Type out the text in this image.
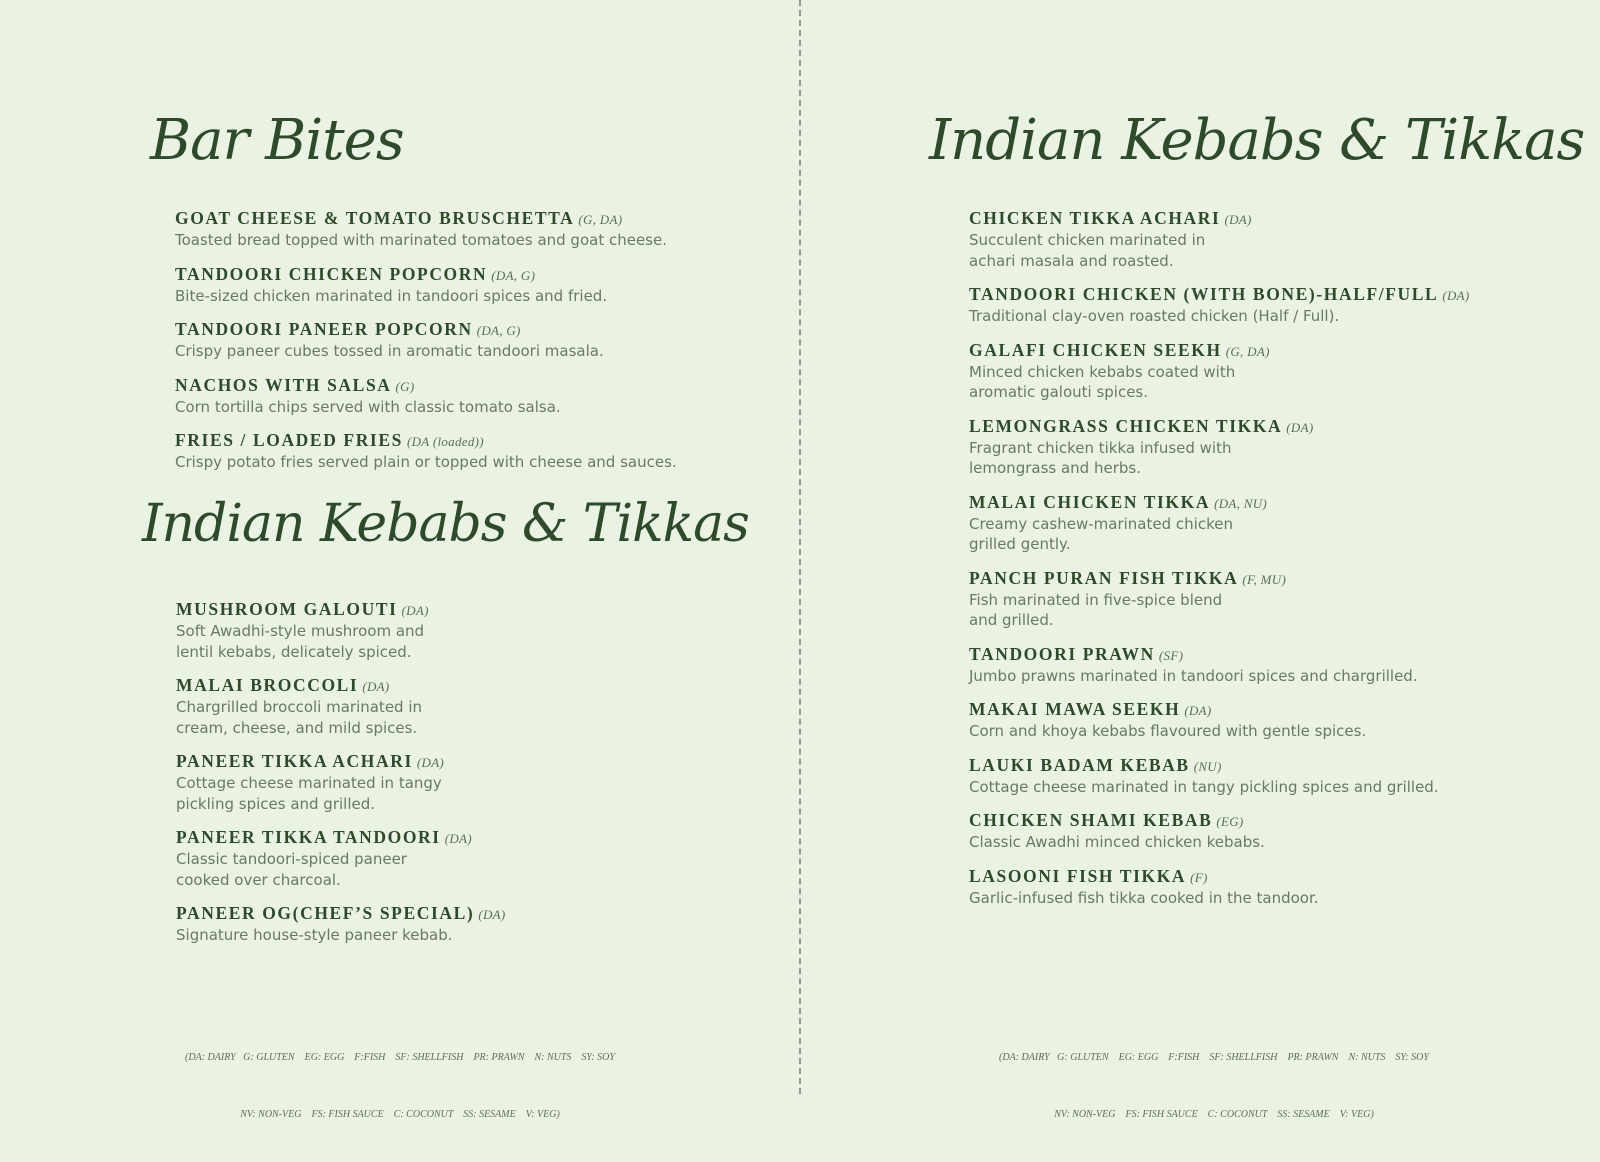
Bar Bites
GOAT CHEESE & TOMATO BRUSCHETTA (G, DA)
Toasted bread topped with marinated tomatoes and goat cheese.
TANDOORI CHICKEN POPCORN (DA, G)
Bite-sized chicken marinated in tandoori spices and fried.
TANDOORI PANEER POPCORN (DA, G)
Crispy paneer cubes tossed in aromatic tandoori masala.
NACHOS WITH SALSA (G)
Corn tortilla chips served with classic tomato salsa.
FRIES / LOADED FRIES (DA (loaded))
Crispy potato fries served plain or topped with cheese and sauces.
Indian Kebabs & Tikkas
MUSHROOM GALOUTI (DA)
Soft Awadhi-style mushroom and
lentil kebabs, delicately spiced.
MALAI BROCCOLI (DA)
Chargrilled broccoli marinated in
cream, cheese, and mild spices.
PANEER TIKKA ACHARI (DA)
Cottage cheese marinated in tangy
pickling spices and grilled.
PANEER TIKKA TANDOORI (DA)
Classic tandoori-spiced paneer
cooked over charcoal.
PANEER OG(CHEF’S SPECIAL) (DA)
Signature house-style paneer kebab.

(DA: DAIRY   G: GLUTEN    EG: EGG    F:FISH    SF: SHELLFISH    PR: PRAWN    N: NUTS    SY: SOY

NV: NON-VEG    FS: FISH SAUCE    C: COCONUT    SS: SESAME    V: VEG)

Indian Kebabs & Tikkas
CHICKEN TIKKA ACHARI (DA)
Succulent chicken marinated in
achari masala and roasted.
TANDOORI CHICKEN (WITH BONE)-HALF/FULL (DA)
Traditional clay-oven roasted chicken (Half / Full).
GALAFI CHICKEN SEEKH (G, DA)
Minced chicken kebabs coated with
aromatic galouti spices.
LEMONGRASS CHICKEN TIKKA (DA)
Fragrant chicken tikka infused with
lemongrass and herbs.
MALAI CHICKEN TIKKA (DA, NU)
Creamy cashew-marinated chicken
grilled gently.
PANCH PURAN FISH TIKKA (F, MU)
Fish marinated in five-spice blend
and grilled.
TANDOORI PRAWN (SF)
Jumbo prawns marinated in tandoori spices and chargrilled.
MAKAI MAWA SEEKH (DA)
Corn and khoya kebabs flavoured with gentle spices.
LAUKI BADAM KEBAB (NU)
Cottage cheese marinated in tangy pickling spices and grilled.
CHICKEN SHAMI KEBAB (EG)
Classic Awadhi minced chicken kebabs.
LASOONI FISH TIKKA (F)
Garlic-infused fish tikka cooked in the tandoor.

(DA: DAIRY   G: GLUTEN    EG: EGG    F:FISH    SF: SHELLFISH    PR: PRAWN    N: NUTS    SY: SOY

NV: NON-VEG    FS: FISH SAUCE    C: COCONUT    SS: SESAME    V: VEG)
